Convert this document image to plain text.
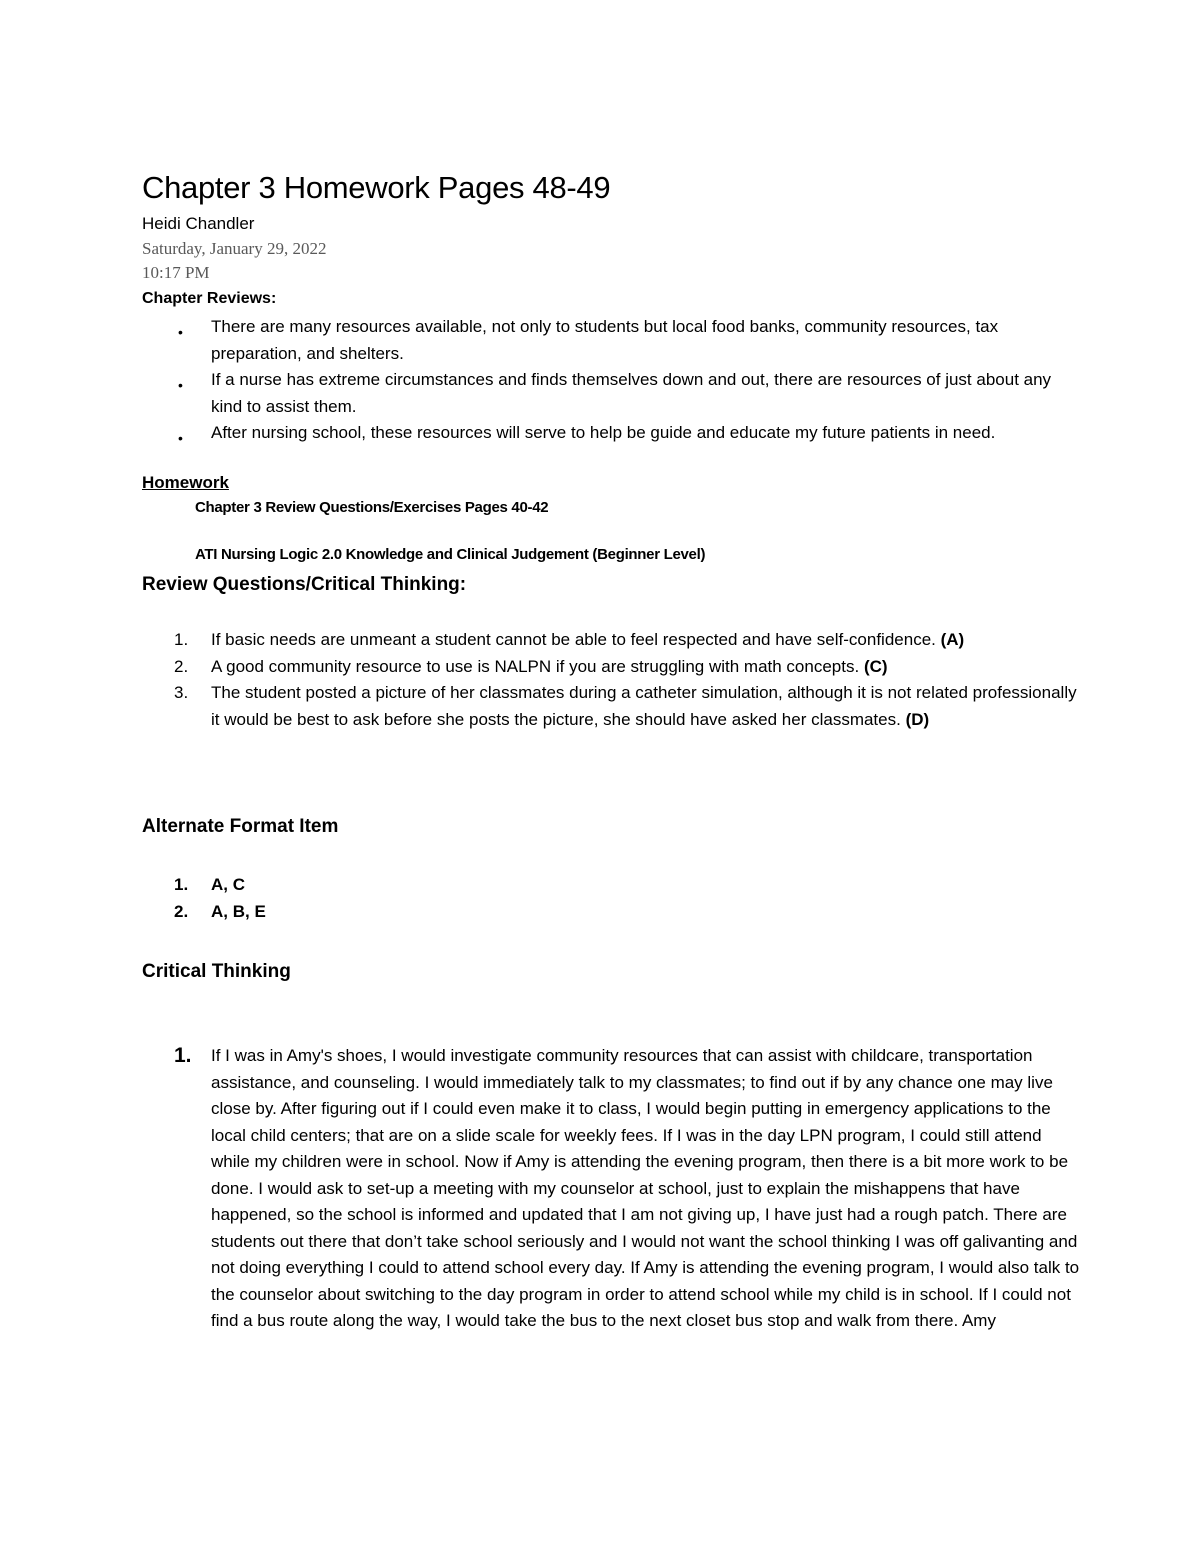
Chapter 3 Homework Pages 48-49

Heidi Chandler

Saturday, January 29, 2022

10:17 PM

Chapter Reviews:

• There are many resources available, not only to students but local food banks, community resources, tax preparation, and shelters.
• If a nurse has extreme circumstances and finds themselves down and out, there are resources of just about any kind to assist them.
• After nursing school, these resources will serve to help be guide and educate my future patients in need.
Homework

Chapter 3 Review Questions/Exercises Pages 40-42

ATI Nursing Logic 2.0 Knowledge and Clinical Judgement (Beginner Level)

Review Questions/Critical Thinking:
1. If basic needs are unmeant a student cannot be able to feel respected and have self-confidence. (A)
2. A good community resource to use is NALPN if you are struggling with math concepts. (C)
3. The student posted a picture of her classmates during a catheter simulation, although it is not related professionally it would be best to ask before she posts the picture, she should have asked her classmates. (D)
Alternate Format Item
1. A, C
2. A, B, E
Critical Thinking
1. If I was in Amy's shoes, I would investigate community resources that can assist with childcare, transportation assistance, and counseling. I would immediately talk to my classmates; to find out if by any chance one may live close by. After figuring out if I could even make it to class, I would begin putting in emergency applications to the local child centers; that are on a slide scale for weekly fees. If I was in the day LPN program, I could still attend while my children were in school. Now if Amy is attending the evening program, then there is a bit more work to be done. I would ask to set-up a meeting with my counselor at school, just to explain the mishappens that have happened, so the school is informed and updated that I am not giving up, I have just had a rough patch. There are students out there that don’t take school seriously and I would not want the school thinking I was off galivanting and not doing everything I could to attend school every day. If Amy is attending the evening program, I would also talk to the counselor about switching to the day program in order to attend school while my child is in school. If I could not find a bus route along the way, I would take the bus to the next closet bus stop and walk from there. Amy
